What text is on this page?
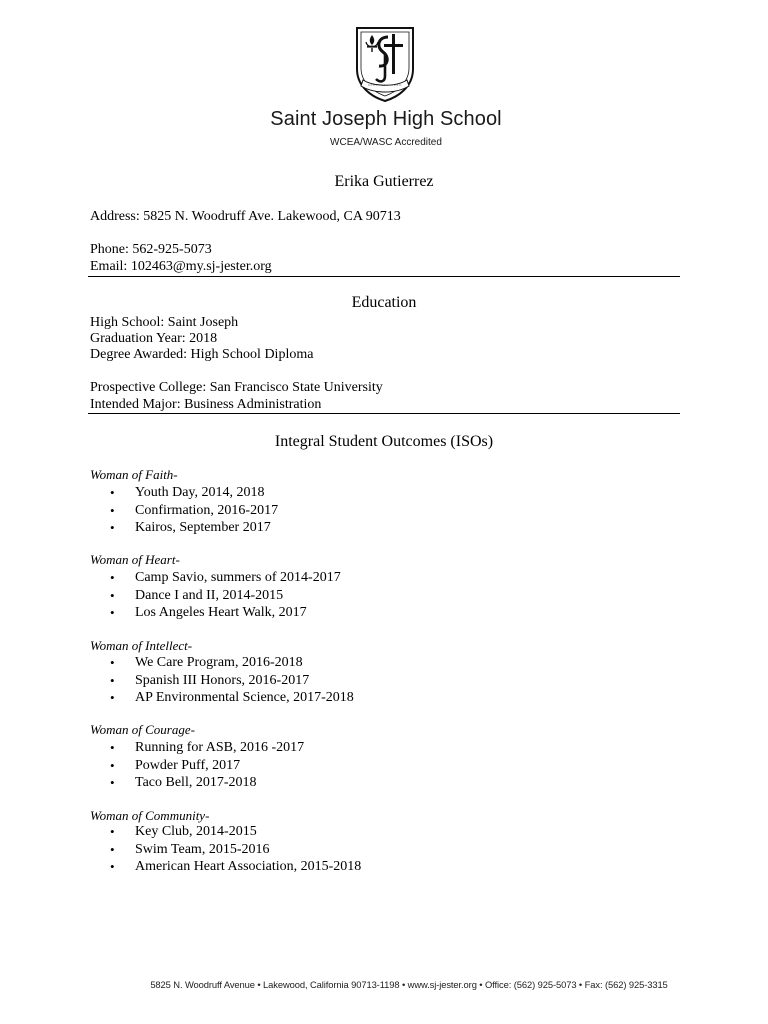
Saint Joseph High School
WCEA/WASC Accredited
Erika Gutierrez
Address: 5825 N. Woodruff Ave. Lakewood, CA 90713
Phone: 562-925-5073
Email: 102463@my.sj-jester.org
Education
High School: Saint Joseph
Graduation Year: 2018
Degree Awarded: High School Diploma
Prospective College: San Francisco State University
Intended Major: Business Administration
Integral Student Outcomes (ISOs)
Woman of Faith-
• Youth Day, 2014, 2018
• Confirmation, 2016-2017
• Kairos, September 2017
Woman of Heart-
• Camp Savio, summers of 2014-2017
• Dance I and II, 2014-2015
• Los Angeles Heart Walk, 2017
Woman of Intellect-
• We Care Program, 2016-2018
• Spanish III Honors, 2016-2017
• AP Environmental Science, 2017-2018
Woman of Courage-
• Running for ASB, 2016 -2017
• Powder Puff, 2017
• Taco Bell, 2017-2018
Woman of Community-
• Key Club, 2014-2015
• Swim Team, 2015-2016
• American Heart Association, 2015-2018
5825 N. Woodruff Avenue • Lakewood, California 90713-1198 • www.sj-jester.org • Office: (562) 925-5073 • Fax: (562) 925-3315
